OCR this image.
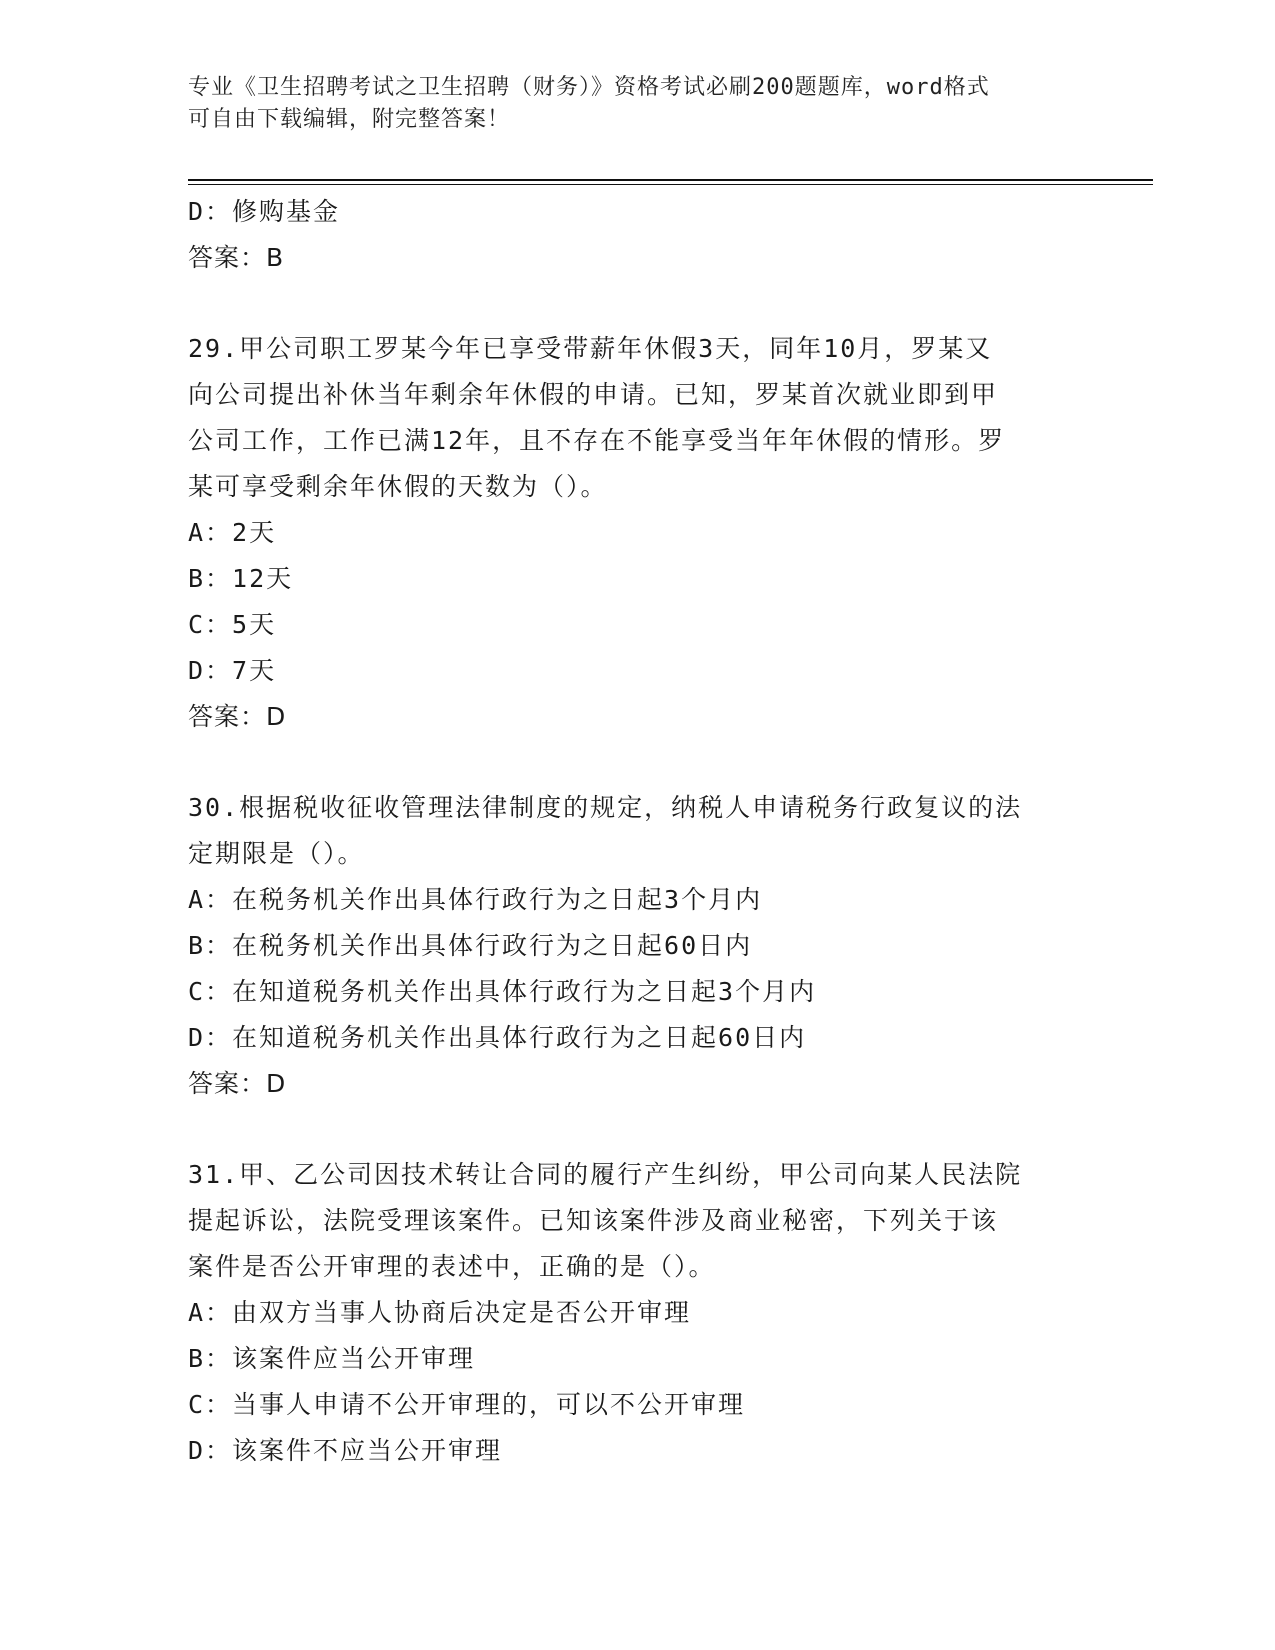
专业《卫生招聘考试之卫生招聘（财务）》资格考试必刷200题题库，word格式
可自由下载编辑，附完整答案！
D：修购基金
答案：B
29.甲公司职工罗某今年已享受带薪年休假3天，同年10月，罗某又
向公司提出补休当年剩余年休假的申请。已知，罗某首次就业即到甲
公司工作，工作已满12年，且不存在不能享受当年年休假的情形。罗
某可享受剩余年休假的天数为（）。
A：2天
B：12天
C：5天
D：7天
答案：D
30.根据税收征收管理法律制度的规定，纳税人申请税务行政复议的法
定期限是（）。
A：在税务机关作出具体行政行为之日起3个月内
B：在税务机关作出具体行政行为之日起60日内
C：在知道税务机关作出具体行政行为之日起3个月内
D：在知道税务机关作出具体行政行为之日起60日内
答案：D
31.甲、乙公司因技术转让合同的履行产生纠纷，甲公司向某人民法院
提起诉讼，法院受理该案件。已知该案件涉及商业秘密，下列关于该
案件是否公开审理的表述中，正确的是（）。
A：由双方当事人协商后决定是否公开审理
B：该案件应当公开审理
C：当事人申请不公开审理的，可以不公开审理
D：该案件不应当公开审理
